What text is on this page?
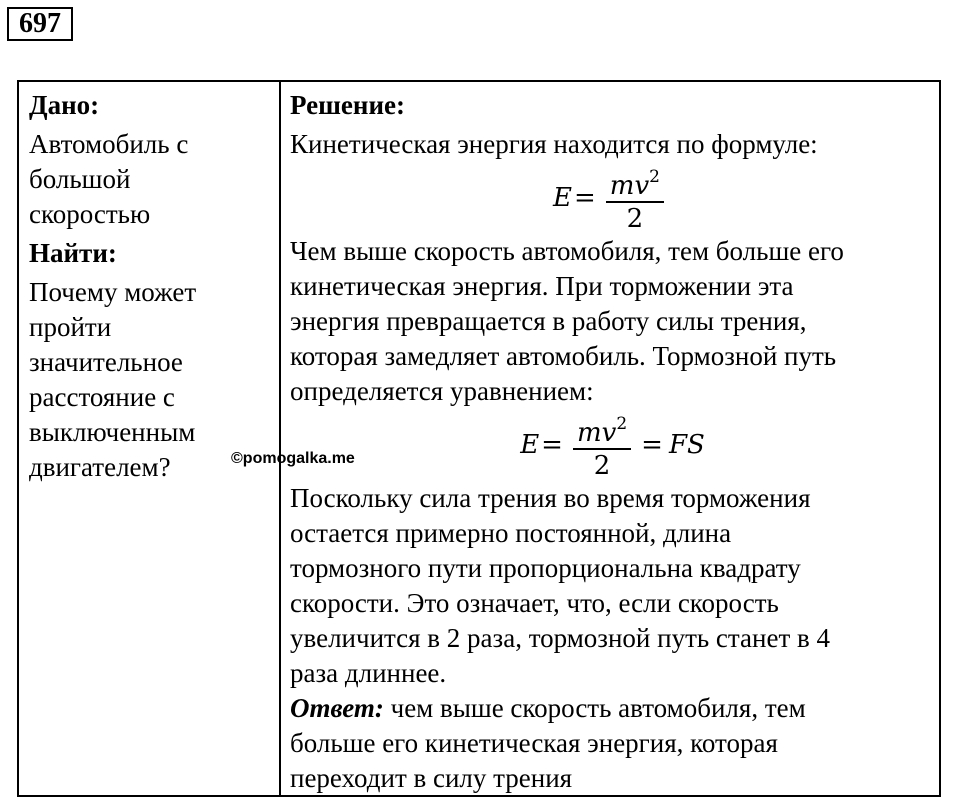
697
Дано:
Автомобиль с
большой
скоростью
Найти:
Почему может
пройти
значительное
расстояние с
выключенным
двигателем?
Решение:
Кинетическая энергия находится по формуле:
$E = \frac{mv^2}{2}$
Чем выше скорость автомобиля, тем больше его
кинетическая энергия. При торможении эта
энергия превращается в работу силы трения,
которая замедляет автомобиль. Тормозной путь
определяется уравнением:
$E = \frac{mv^2}{2}$ = FS
Поскольку сила трения во время торможения
остается примерно постоянной, длина
тормозного пути пропорциональна квадрату
скорости. Это означает, что, если скорость
увеличится в 2 раза, тормозной путь станет в 4
раза длиннее.
Ответ: чем выше скорость автомобиля, тем
больше его кинетическая энергия, которая
переходит в силу трения
©pomogalka.me
